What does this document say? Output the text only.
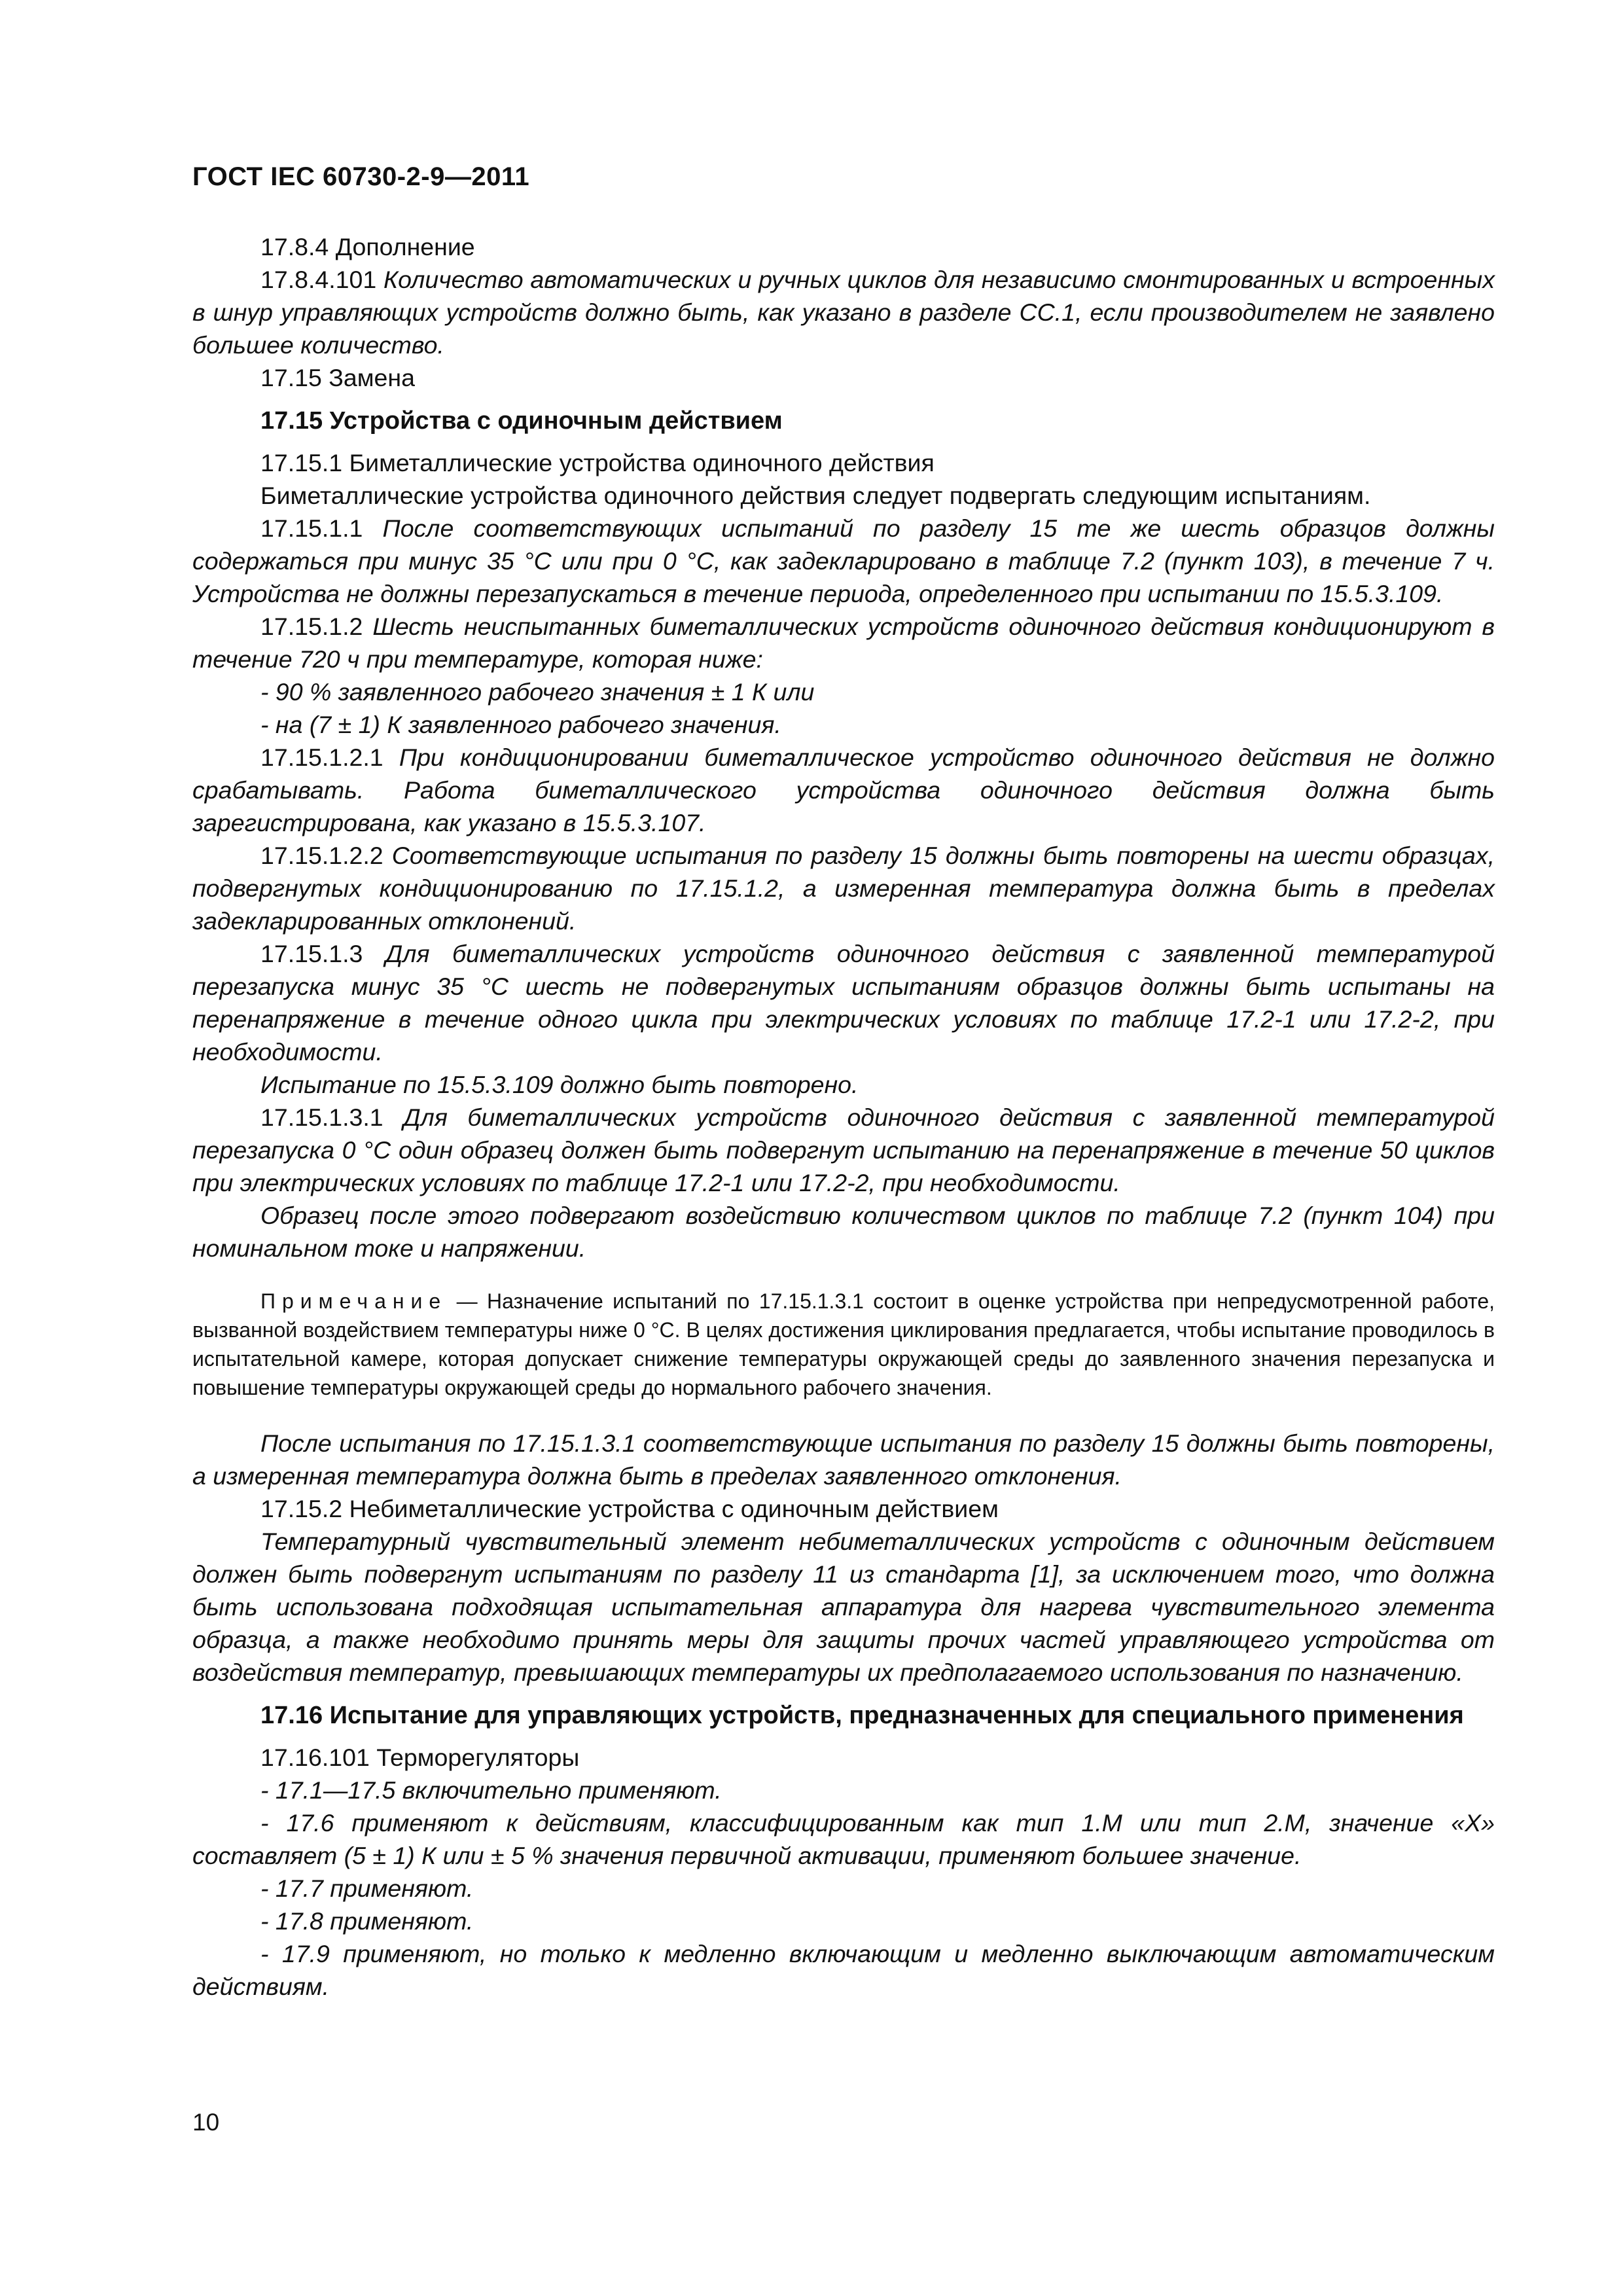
ГОСТ IEC 60730-2-9—2011

17.8.4 Дополнение

17.8.4.101 Количество автоматических и ручных циклов для независимо смонтированных и встроенных в шнур управляющих устройств должно быть, как указано в разделе СС.1, если производителем не заявлено большее количество.

17.15 Замена

17.15 Устройства с одиночным действием

17.15.1 Биметаллические устройства одиночного действия

Биметаллические устройства одиночного действия следует подвергать следующим испытаниям.

17.15.1.1 После соответствующих испытаний по разделу 15 те же шесть образцов должны содержаться при минус 35 °C или при 0 °C, как задекларировано в таблице 7.2 (пункт 103), в течение 7 ч. Устройства не должны перезапускаться в течение периода, определенного при испытании по 15.5.3.109.

17.15.1.2 Шесть неиспытанных биметаллических устройств одиночного действия кондиционируют в течение 720 ч при температуре, которая ниже:

- 90 % заявленного рабочего значения ± 1 К или

- на (7 ± 1) К заявленного рабочего значения.

17.15.1.2.1 При кондиционировании биметаллическое устройство одиночного действия не должно срабатывать. Работа биметаллического устройства одиночного действия должна быть зарегистрирована, как указано в 15.5.3.107.

17.15.1.2.2 Соответствующие испытания по разделу 15 должны быть повторены на шести образцах, подвергнутых кондиционированию по 17.15.1.2, а измеренная температура должна быть в пределах задекларированных отклонений.

17.15.1.3 Для биметаллических устройств одиночного действия с заявленной температурой перезапуска минус 35 °C шесть не подвергнутых испытаниям образцов должны быть испытаны на перенапряжение в течение одного цикла при электрических условиях по таблице 17.2-1 или 17.2-2, при необходимости.

Испытание по 15.5.3.109 должно быть повторено.

17.15.1.3.1 Для биметаллических устройств одиночного действия с заявленной температурой перезапуска 0 °C один образец должен быть подвергнут испытанию на перенапряжение в течение 50 циклов при электрических условиях по таблице 17.2-1 или 17.2-2, при необходимости.

Образец после этого подвергают воздействию количеством циклов по таблице 7.2 (пункт 104) при номинальном токе и напряжении.

Примечание — Назначение испытаний по 17.15.1.3.1 состоит в оценке устройства при непредусмотренной работе, вызванной воздействием температуры ниже 0 °C. В целях достижения циклирования предлагается, чтобы испытание проводилось в испытательной камере, которая допускает снижение температуры окружающей среды до заявленного значения перезапуска и повышение температуры окружающей среды до нормального рабочего значения.

После испытания по 17.15.1.3.1 соответствующие испытания по разделу 15 должны быть повторены, а измеренная температура должна быть в пределах заявленного отклонения.

17.15.2 Небиметаллические устройства с одиночным действием

Температурный чувствительный элемент небиметаллических устройств с одиночным действием должен быть подвергнут испытаниям по разделу 11 из стандарта [1], за исключением того, что должна быть использована подходящая испытательная аппаратура для нагрева чувствительного элемента образца, а также необходимо принять меры для защиты прочих частей управляющего устройства от воздействия температур, превышающих температуры их предполагаемого использования по назначению.

17.16 Испытание для управляющих устройств, предназначенных для специального применения

17.16.101 Терморегуляторы

- 17.1—17.5 включительно применяют.

- 17.6 применяют к действиям, классифицированным как тип 1.М или тип 2.М, значение «Х» составляет (5 ± 1) К или ± 5 % значения первичной активации, применяют большее значение.

- 17.7 применяют.

- 17.8 применяют.

- 17.9 применяют, но только к медленно включающим и медленно выключающим автоматическим действиям.

10
